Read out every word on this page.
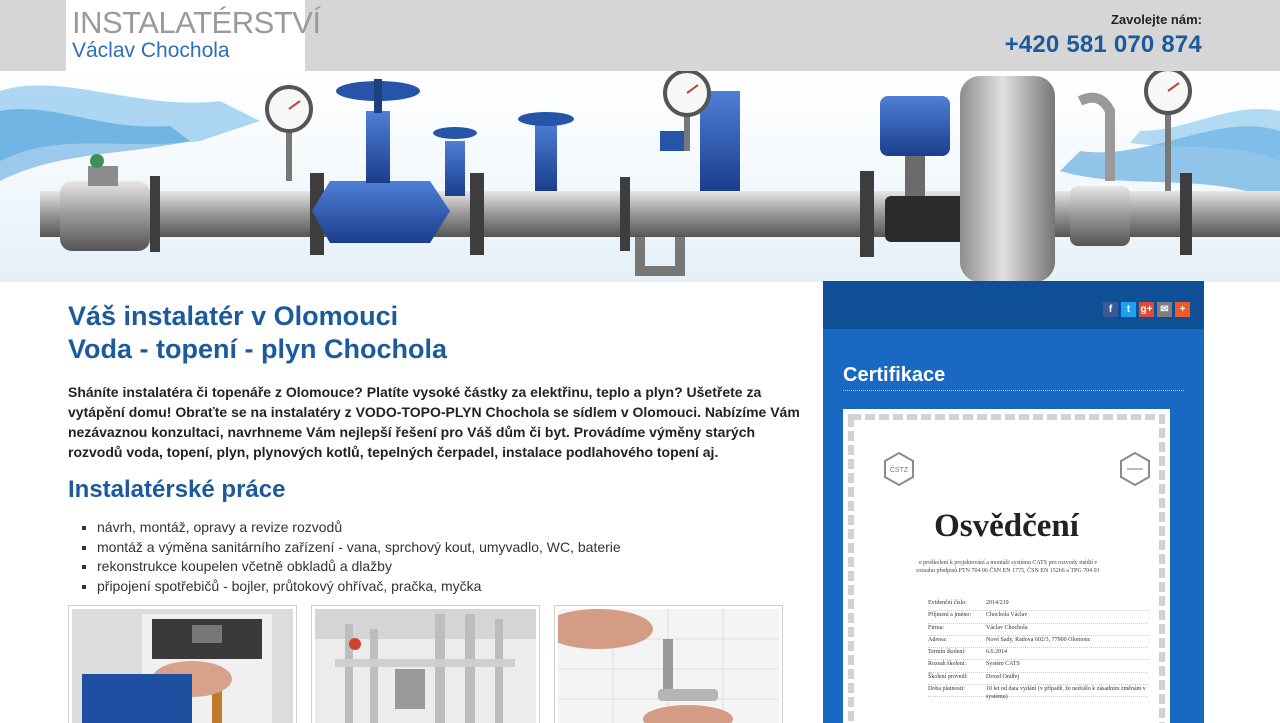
INSTALATÉRSTVÍ
Václav Chochola
Zavolejte nám:
+420 581 070 874
Váš instalatér v Olomouci
Voda - topení - plyn Chochola

Sháníte instalatéra či topenáře z Olomouce? Platíte vysoké částky za elektřinu, teplo a plyn? Ušetřete za vytápění domu! Obraťte se na instalatéry z VODO-TOPO-PLYN Chochola se sídlem v Olomouci. Nabízíme Vám nezávaznou konzultaci, navrhneme Vám nejlepší řešení pro Váš dům či byt. Provádíme výměny starých rozvodů voda, topení, plyn, plynových kotlů, tepelných čerpadel, instalace podlahového topení aj.

Instalatérské práce
návrh, montáž, opravy a revize rozvodů
montáž a výměna sanitárního zařízení - vana, sprchový kout, umyvadlo, WC, baterie
rekonstrukce koupelen včetně obkladů a dlažby
připojení spotřebičů - bojler, průtokový ohřívač, pračka, myčka
f	t	g+ ✉	+
Certifikace
ČSTZ
Osvědčení
o proškolení k projektování a montáži systému CATS pro rozvody médií v rozsahu předpisů PTN 704 06 ČSN EN 1775, ČSN EN 15266 a TPG 704 01
Evidenční číslo:	2014/219
Příjmení a jméno:	Chochola Václav
Firma:	Václav Chochola
Adresa:	Nové Sady, Radova 602/3, 77900 Olomouc
Termín školení:	6.6.2014
Rozsah školení:	Systém CATS
Školení provedl:	Drozd Ondřej
Doba platnosti:	10 let od data vydání (v případě, že nedošlo k zásadním změnám v systému)
